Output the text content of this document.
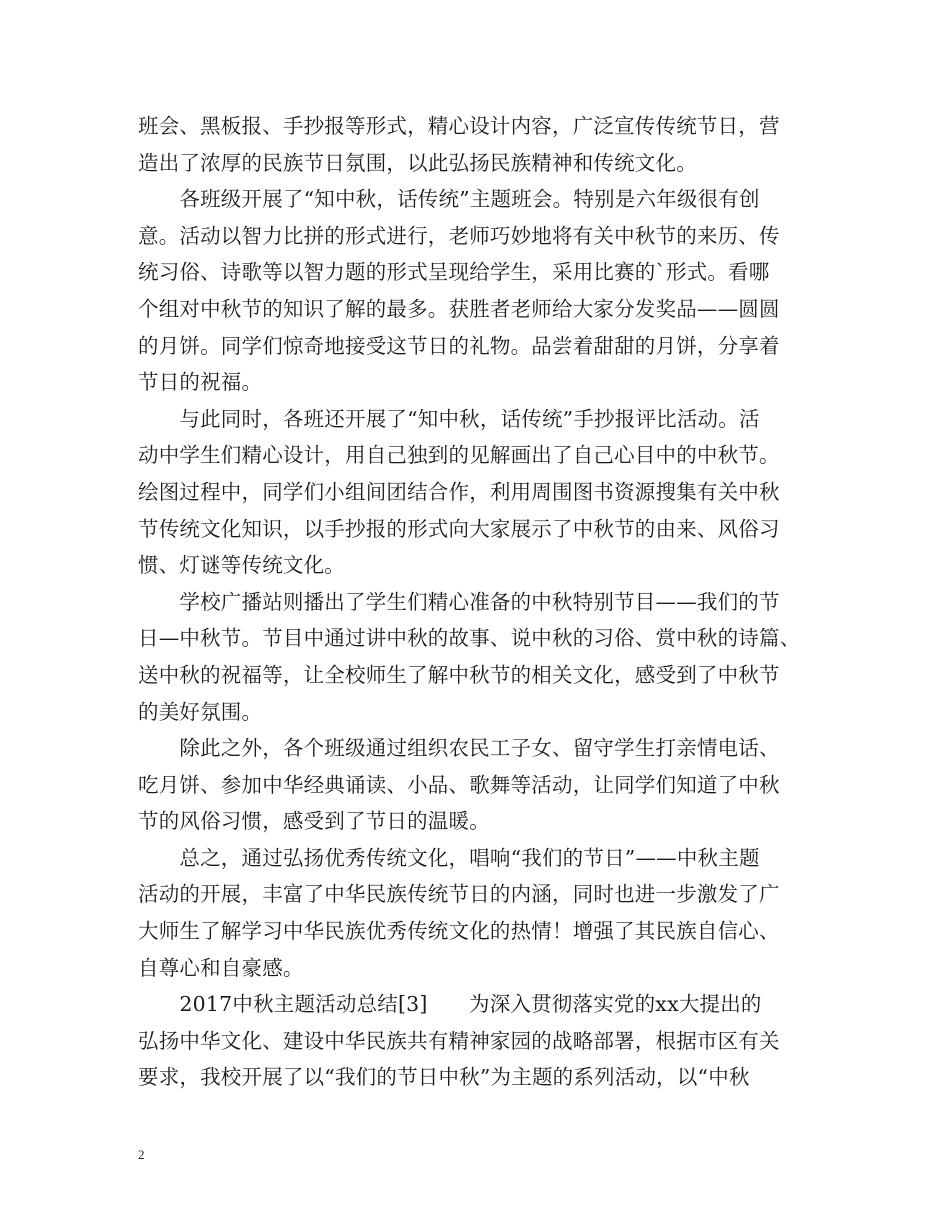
班会、黑板报、手抄报等形式，精心设计内容，广泛宣传传统节日，营
造出了浓厚的民族节日氛围，以此弘扬民族精神和传统文化。
　　各班级开展了“知中秋，话传统”主题班会。特别是六年级很有创
意。活动以智力比拼的形式进行，老师巧妙地将有关中秋节的来历、传
统习俗、诗歌等以智力题的形式呈现给学生，采用比赛的`形式。看哪
个组对中秋节的知识了解的最多。获胜者老师给大家分发奖品——圆圆
的月饼。同学们惊奇地接受这节日的礼物。品尝着甜甜的月饼，分享着
节日的祝福。
　　与此同时，各班还开展了“知中秋，话传统”手抄报评比活动。活
动中学生们精心设计，用自己独到的见解画出了自己心目中的中秋节。
绘图过程中，同学们小组间团结合作，利用周围图书资源搜集有关中秋
节传统文化知识，以手抄报的形式向大家展示了中秋节的由来、风俗习
惯、灯谜等传统文化。
　　学校广播站则播出了学生们精心准备的中秋特别节目——我们的节
日—中秋节。节目中通过讲中秋的故事、说中秋的习俗、赏中秋的诗篇、
送中秋的祝福等，让全校师生了解中秋节的相关文化，感受到了中秋节
的美好氛围。
　　除此之外，各个班级通过组织农民工子女、留守学生打亲情电话、
吃月饼、参加中华经典诵读、小品、歌舞等活动，让同学们知道了中秋
节的风俗习惯，感受到了节日的温暖。
　　总之，通过弘扬优秀传统文化，唱响“我们的节日”——中秋主题
活动的开展，丰富了中华民族传统节日的内涵，同时也进一步激发了广
大师生了解学习中华民族优秀传统文化的热情！增强了其民族自信心、
自尊心和自豪感。
　　2017中秋主题活动总结[3]　　为深入贯彻落实党的xx大提出的
弘扬中华文化、建设中华民族共有精神家园的战略部署，根据市区有关
要求，我校开展了以“我们的节日中秋”为主题的系列活动，以“中秋
2
